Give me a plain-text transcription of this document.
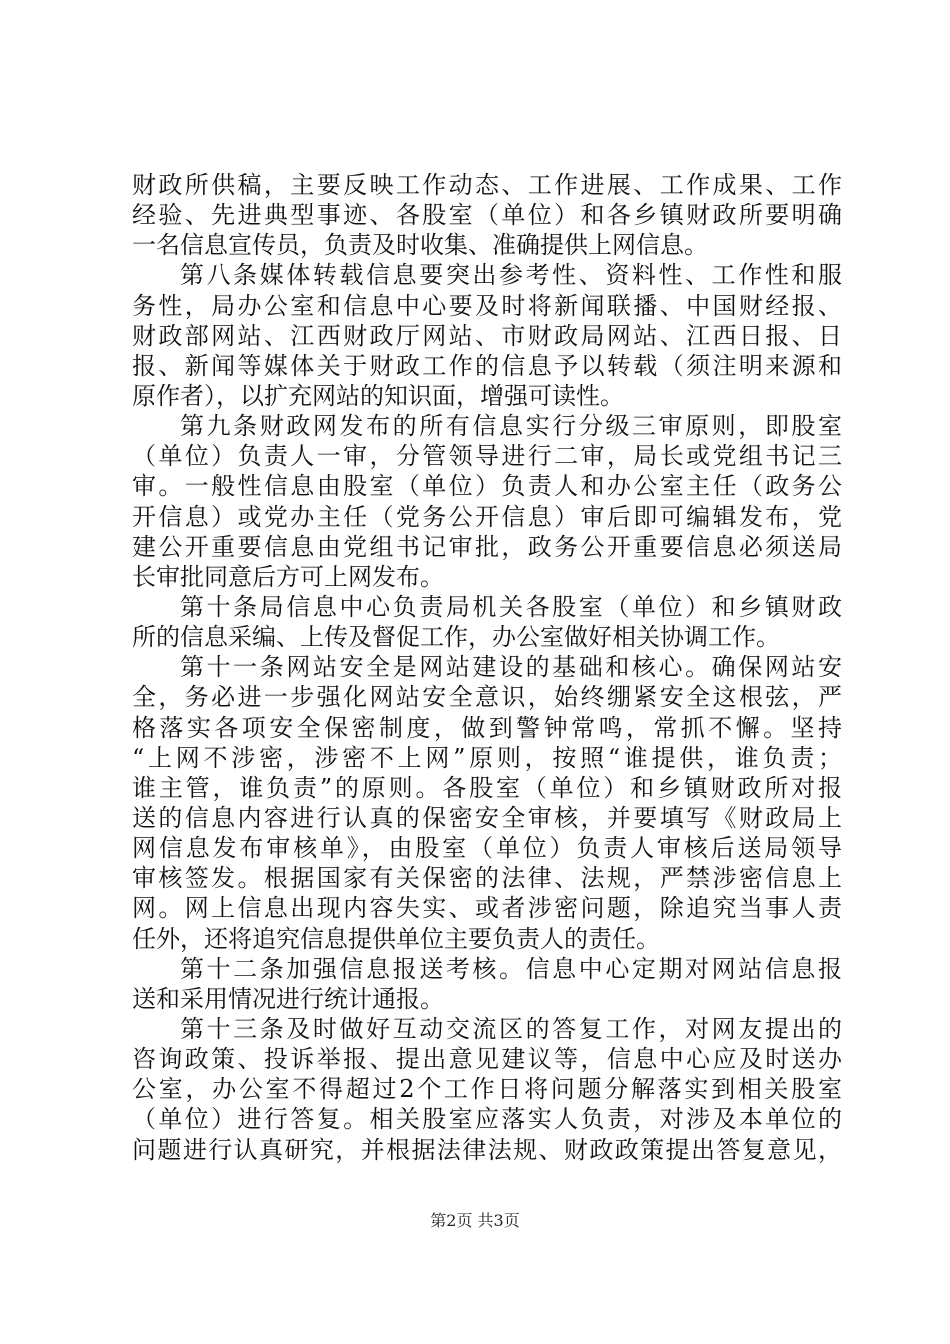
财政所供稿，主要反映工作动态、工作进展、工作成果、工作
经验、先进典型事迹、各股室（单位）和各乡镇财政所要明确
一名信息宣传员，负责及时收集、准确提供上网信息。
第八条媒体转载信息要突出参考性、资料性、工作性和服
务性，局办公室和信息中心要及时将新闻联播、中国财经报、
财政部网站、江西财政厅网站、市财政局网站、江西日报、日
报、新闻等媒体关于财政工作的信息予以转载（须注明来源和
原作者），以扩充网站的知识面，增强可读性。
第九条财政网发布的所有信息实行分级三审原则，即股室
（单位）负责人一审，分管领导进行二审，局长或党组书记三
审。一般性信息由股室（单位）负责人和办公室主任（政务公
开信息）或党办主任（党务公开信息）审后即可编辑发布，党
建公开重要信息由党组书记审批，政务公开重要信息必须送局
长审批同意后方可上网发布。
第十条局信息中心负责局机关各股室（单位）和乡镇财政
所的信息采编、上传及督促工作，办公室做好相关协调工作。
第十一条网站安全是网站建设的基础和核心。确保网站安
全，务必进一步强化网站安全意识，始终绷紧安全这根弦，严
格落实各项安全保密制度，做到警钟常鸣，常抓不懈。坚持
“上网不涉密，涉密不上网”原则，按照“谁提供，谁负责；
谁主管，谁负责”的原则。各股室（单位）和乡镇财政所对报
送的信息内容进行认真的保密安全审核，并要填写《财政局上
网信息发布审核单》，由股室（单位）负责人审核后送局领导
审核签发。根据国家有关保密的法律、法规，严禁涉密信息上
网。网上信息出现内容失实、或者涉密问题，除追究当事人责
任外，还将追究信息提供单位主要负责人的责任。
第十二条加强信息报送考核。信息中心定期对网站信息报
送和采用情况进行统计通报。
第十三条及时做好互动交流区的答复工作，对网友提出的
咨询政策、投诉举报、提出意见建议等，信息中心应及时送办
公室，办公室不得超过2个工作日将问题分解落实到相关股室
（单位）进行答复。相关股室应落实人负责，对涉及本单位的
问题进行认真研究，并根据法律法规、财政政策提出答复意见，
第2页 共3页
